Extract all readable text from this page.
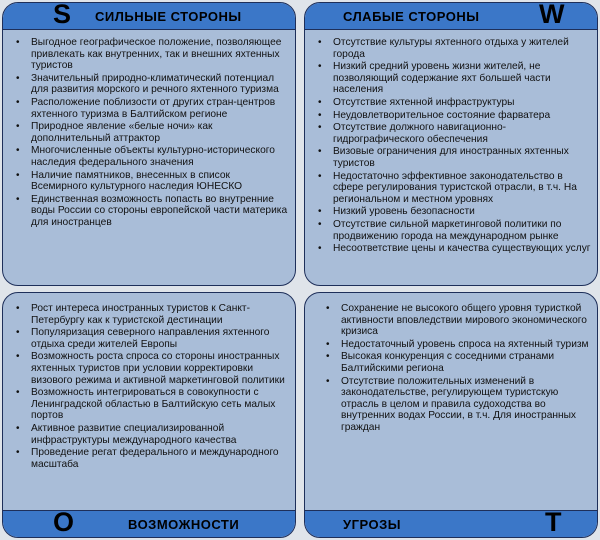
S СИЛЬНЫЕ СТОРОНЫ
• Выгодное географическое положение, позволяющее привлекать как внутренних, так и внешних яхтенных туристов
• Значительный природно-климатический потенциал для развития морского и речного яхтенного туризма
• Расположение поблизости от других стран-центров яхтенного туризма в Балтийском регионе
• Природное явление «белые ночи» как дополнительный аттрактор
• Многочисленные объекты культурно-исторического наследия федерального значения
• Наличие памятников, внесенных в список Всемирного культурного наследия ЮНЕСКО
• Единственная возможность попасть во внутренние воды России со стороны европейской части материка для иностранцев
СЛАБЫЕ СТОРОНЫ W
• Отсутствие культуры яхтенного отдыха у жителей города
• Низкий средний уровень жизни жителей, не позволяющий содержание яхт большей части населения
• Отсутствие яхтенной инфраструктуры
• Неудовлетворительное состояние фарватера
• Отсутствие должного навигационно-гидрографического обеспечения
• Визовые ограничения для иностранных яхтенных туристов
• Недостаточно эффективное законодательство в сфере регулирования туристской отрасли, в т.ч. На региональном и местном уровнях
• Низкий уровень безопасности
• Отсутствие сильной маркетинговой политики по продвижению города на международном рынке
• Несоответствие цены и качества существующих услуг
• Рост интереса иностранных туристов к Санкт-Петербургу как к туристской дестинации
• Популяризация северного направления яхтенного отдыха среди жителей Европы
• Возможность роста спроса со стороны иностранных яхтенных туристов при условии корректировки визового режима и активной маркетинговой политики
• Возможность интегрироваться в совокупности с Ленинградской областью в Балтийскую сеть малых портов
• Активное развитие специализированной инфраструктуры международного качества
• Проведение регат федерального и международного масштаба
O	ВОЗМОЖНОСТИ
• Сохранение не высокого общего уровня туристкой активности вповледствии мирового экономического кризиса
• Недостаточный уровень спроса на яхтенный туризм
• Высокая конкуренция с соседними странами Балтийскими региона
• Отсутствие положительных изменений в законодательстве, регулирующем туристскую отрасль в целом и правила судоходства во внутренних водах России, в т.ч. Для иностранных граждан
УГРОЗЫ	T
